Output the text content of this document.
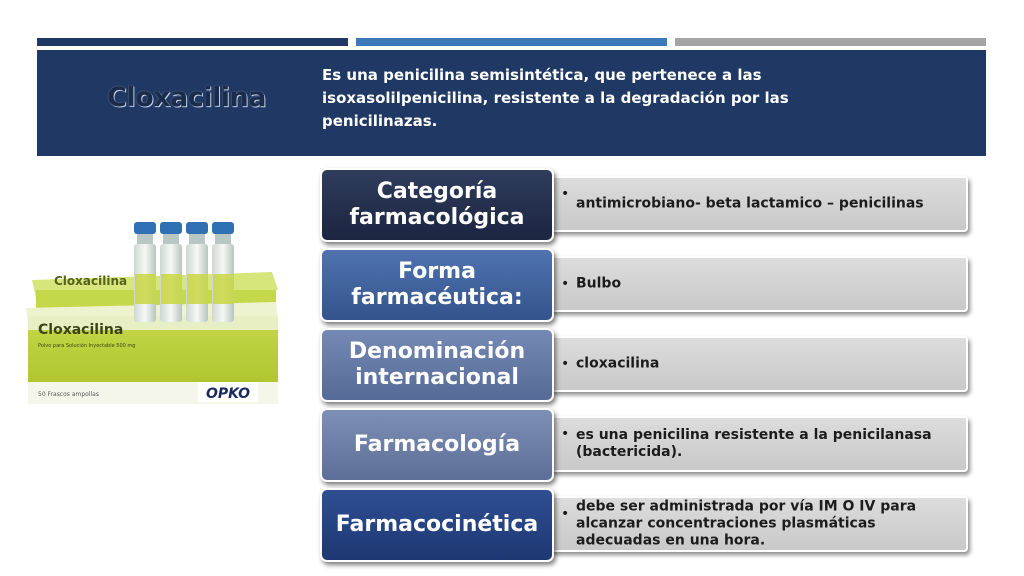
Cloxacilina
Es una penicilina semisintética, que pertenece a las isoxasolilpenicilina, resistente a la degradación por las penicilinazas.
Cloxacilina
Cloxacilina
Polvo para Solución Inyectable 500 mg
50 Frascos ampollas	OPKO
•
antimicrobiano- beta lactamico – penicilinas
Categoría farmacológica
• Bulbo
Forma farmacéutica:
• cloxacilina
Denominación internacional
• es una penicilina resistente a la penicilanasa (bactericida).
Farmacología
• debe ser administrada por vía IM O IV para alcanzar concentraciones plasmáticas adecuadas en una hora.
Farmacocinética
